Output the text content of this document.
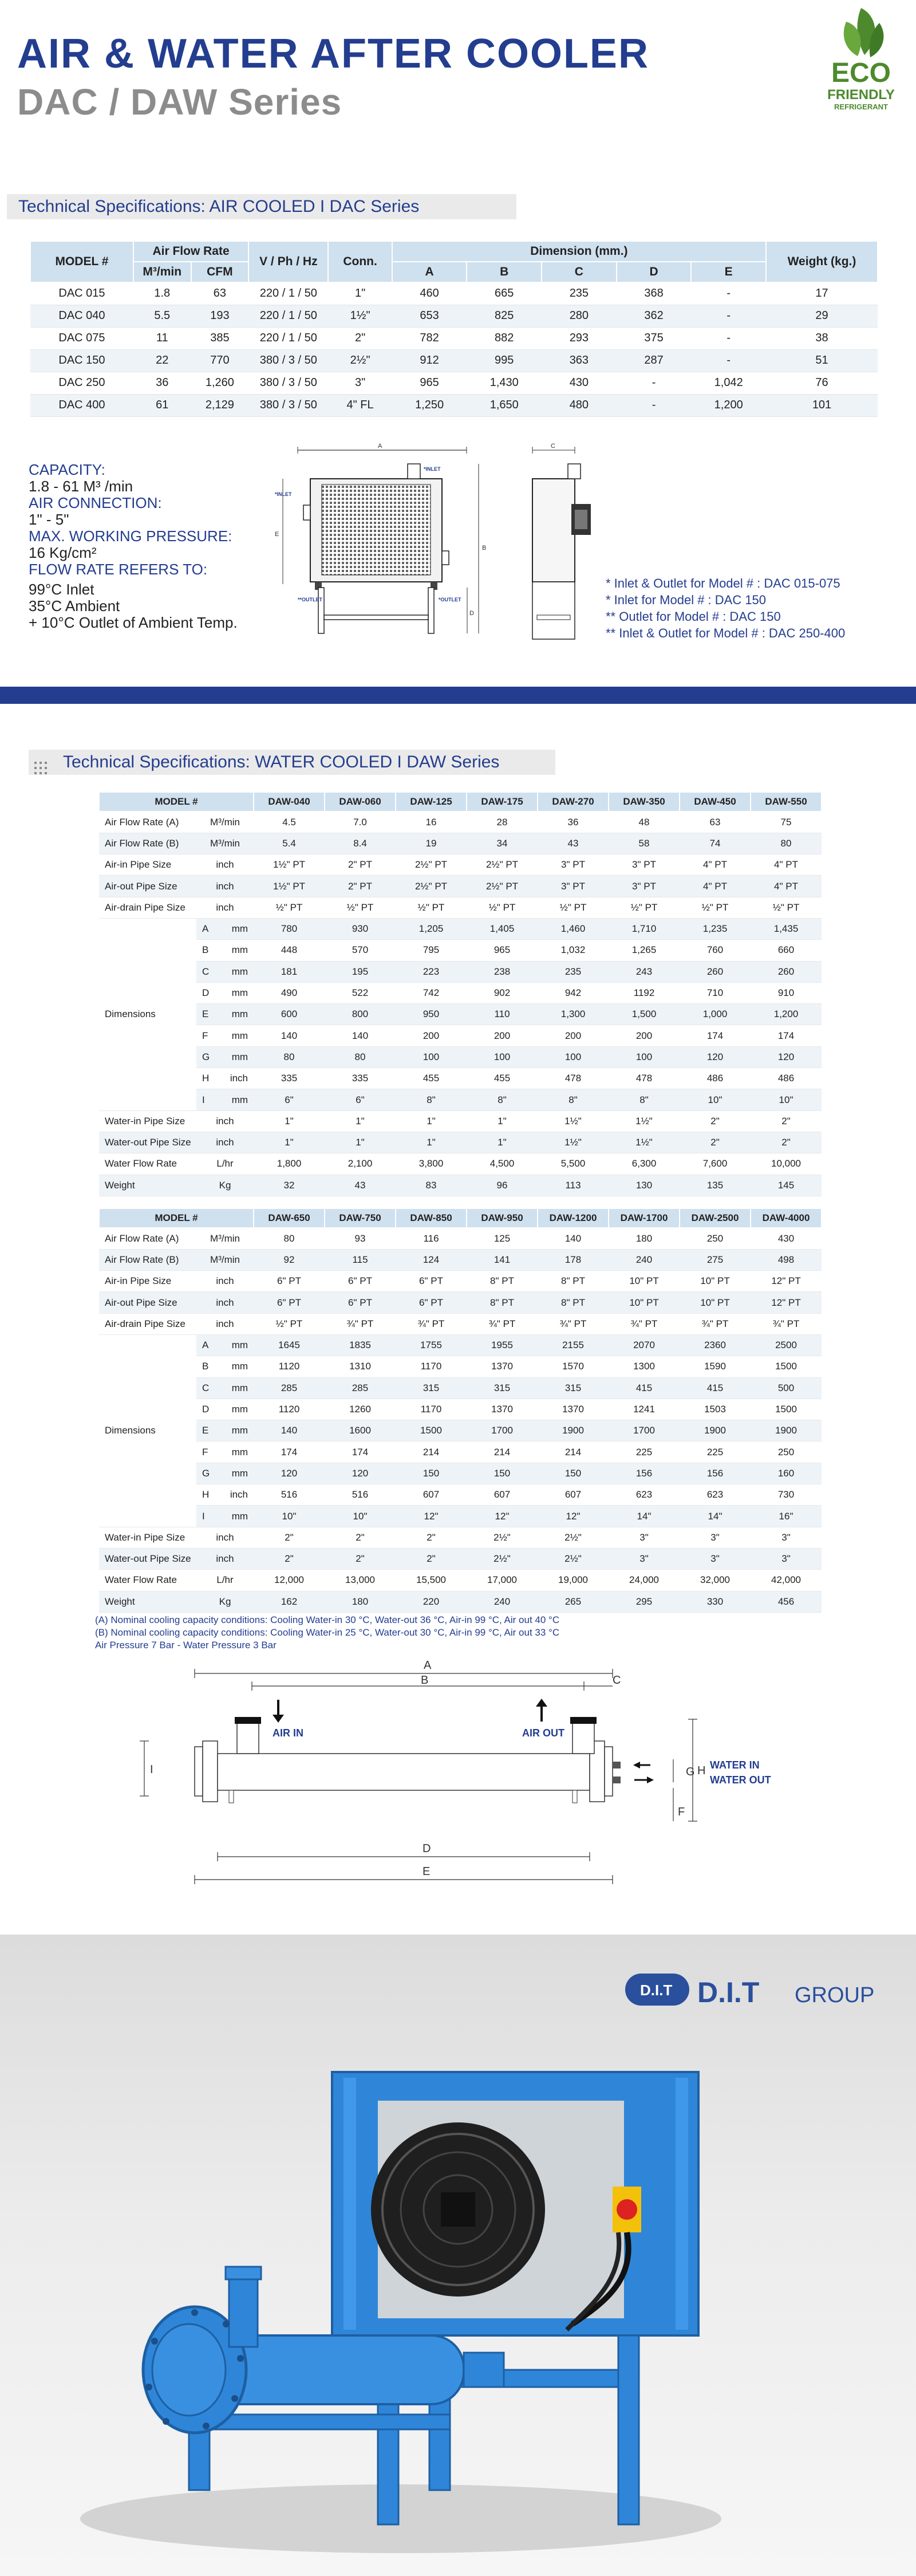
AIR & WATER AFTER COOLER
DAC / DAW Series
ECO
FRIENDLY
REFRIGERANT
Technical Specifications: AIR COOLED I DAC Series
MODEL #	Air Flow Rate		V / Ph / Hz	Conn.	Dimension (mm.)					Weight (kg.)
	M³/min	CFM			A	B	C	D	E	
DAC 015	1.8	63	220 / 1 / 50	1"	460	665	235	368	-	17
DAC 040	5.5	193	220 / 1 / 50	1½"	653	825	280	362	-	29
DAC 075	11	385	220 / 1 / 50	2"	782	882	293	375	-	38
DAC 150	22	770	380 / 3 / 50	2½"	912	995	363	287	-	51
DAC 250	36	1,260	380 / 3 / 50	3"	965	1,430	430	-	1,042	76
DAC 400	61	2,129	380 / 3 / 50	4" FL	1,250	1,650	480	-	1,200	101
CAPACITY:
1.8 - 61 M³ /min
AIR CONNECTION:
1" - 5"
MAX. WORKING PRESSURE:
16 Kg/cm²
FLOW RATE REFERS TO:
99°C Inlet
35°C Ambient
+ 10°C Outlet of Ambient Temp.
A
*INLET
*INLET
**OUTLET	*OUTLET
E
B
D
C
* Inlet & Outlet for Model # : DAC 015-075
* Inlet for Model # : DAC 150
** Outlet for Model # : DAC 150
** Inlet & Outlet for Model # : DAC 250-400
Technical Specifications: WATER COOLED I DAW Series
MODEL #		DAW-040	DAW-060	DAW-125	DAW-175	DAW-270	DAW-350	DAW-450	DAW-550
Air Flow Rate (A)	M³/min	4.5	7.0	16	28	36	48	63	75
Air Flow Rate (B)	M³/min	5.4	8.4	19	34	43	58	74	80
Air-in Pipe Size	inch	1½" PT	2" PT	2½" PT	2½" PT	3" PT	3" PT	4" PT	4" PT
Air-out Pipe Size	inch	1½" PT	2" PT	2½" PT	2½" PT	3" PT	3" PT	4" PT	4" PT
Air-drain Pipe Size	inch	½" PT	½" PT	½" PT	½" PT	½" PT	½" PT	½" PT	½" PT
Dimensions	A mm	780	930	1,205	1,405	1,460	1,710	1,235	1,435

	B mm	448	570	795	965	1,032	1,265	760	660

	C mm	181	195	223	238	235	243	260	260

	D mm	490	522	742	902	942	1192	710	910

	E mm	600	800	950	110	1,300	1,500	1,000	1,200

	F mm	140	140	200	200	200	200	174	174

	G mm	80	80	100	100	100	100	120	120

	H inch	335	335	455	455	478	478	486	486

	I mm	6"	6"	8"	8"	8"	8"	10"	10"
Water-in Pipe Size	inch	1"	1"	1"	1"	1½"	1½"	2"	2"
Water-out Pipe Size	inch	1"	1"	1"	1"	1½"	1½"	2"	2"
Water Flow Rate	L/hr	1,800	2,100	3,800	4,500	5,500	6,300	7,600	10,000
Weight	Kg	32	43	83	96	113	130	135	145
MODEL #		DAW-650	DAW-750	DAW-850	DAW-950	DAW-1200	DAW-1700	DAW-2500	DAW-4000
Air Flow Rate (A)	M³/min	80	93	116	125	140	180	250	430
Air Flow Rate (B)	M³/min	92	115	124	141	178	240	275	498
Air-in Pipe Size	inch	6" PT	6" PT	6" PT	8" PT	8" PT	10" PT	10" PT	12" PT
Air-out Pipe Size	inch	6" PT	6" PT	6" PT	8" PT	8" PT	10" PT	10" PT	12" PT
Air-drain Pipe Size	inch	½" PT	¾" PT	¾" PT	¾" PT	¾" PT	¾" PT	¾" PT	¾" PT
Dimensions	A mm	1645	1835	1755	1955	2155	2070	2360	2500

	B mm	1120	1310	1170	1370	1570	1300	1590	1500

	C mm	285	285	315	315	315	415	415	500

	D mm	1120	1260	1170	1370	1370	1241	1503	1500

	E mm	140	1600	1500	1700	1900	1700	1900	1900

	F mm	174	174	214	214	214	225	225	250

	G mm	120	120	150	150	150	156	156	160

	H inch	516	516	607	607	607	623	623	730

	I mm	10"	10"	12"	12"	12"	14"	14"	16"
Water-in Pipe Size	inch	2"	2"	2"	2½"	2½"	3"	3"	3"
Water-out Pipe Size	inch	2"	2"	2"	2½"	2½"	3"	3"	3"
Water Flow Rate	L/hr	12,000	13,000	15,500	17,000	19,000	24,000	32,000	42,000
Weight	Kg	162	180	220	240	265	295	330	456
(A) Nominal cooling capacity conditions: Cooling Water-in 30 °C, Water-out 36 °C, Air-in 99 °C, Air out 40 °C
(B) Nominal cooling capacity conditions: Cooling Water-in 25 °C, Water-out 30 °C, Air-in 99 °C, Air out 33 °C
Air Pressure 7 Bar - Water Pressure 3 Bar
A
B	C
D
E
I	H
G
F
AIR IN	AIR OUT
WATER IN
WATER OUT
D.I.T D.I.T GROUP
